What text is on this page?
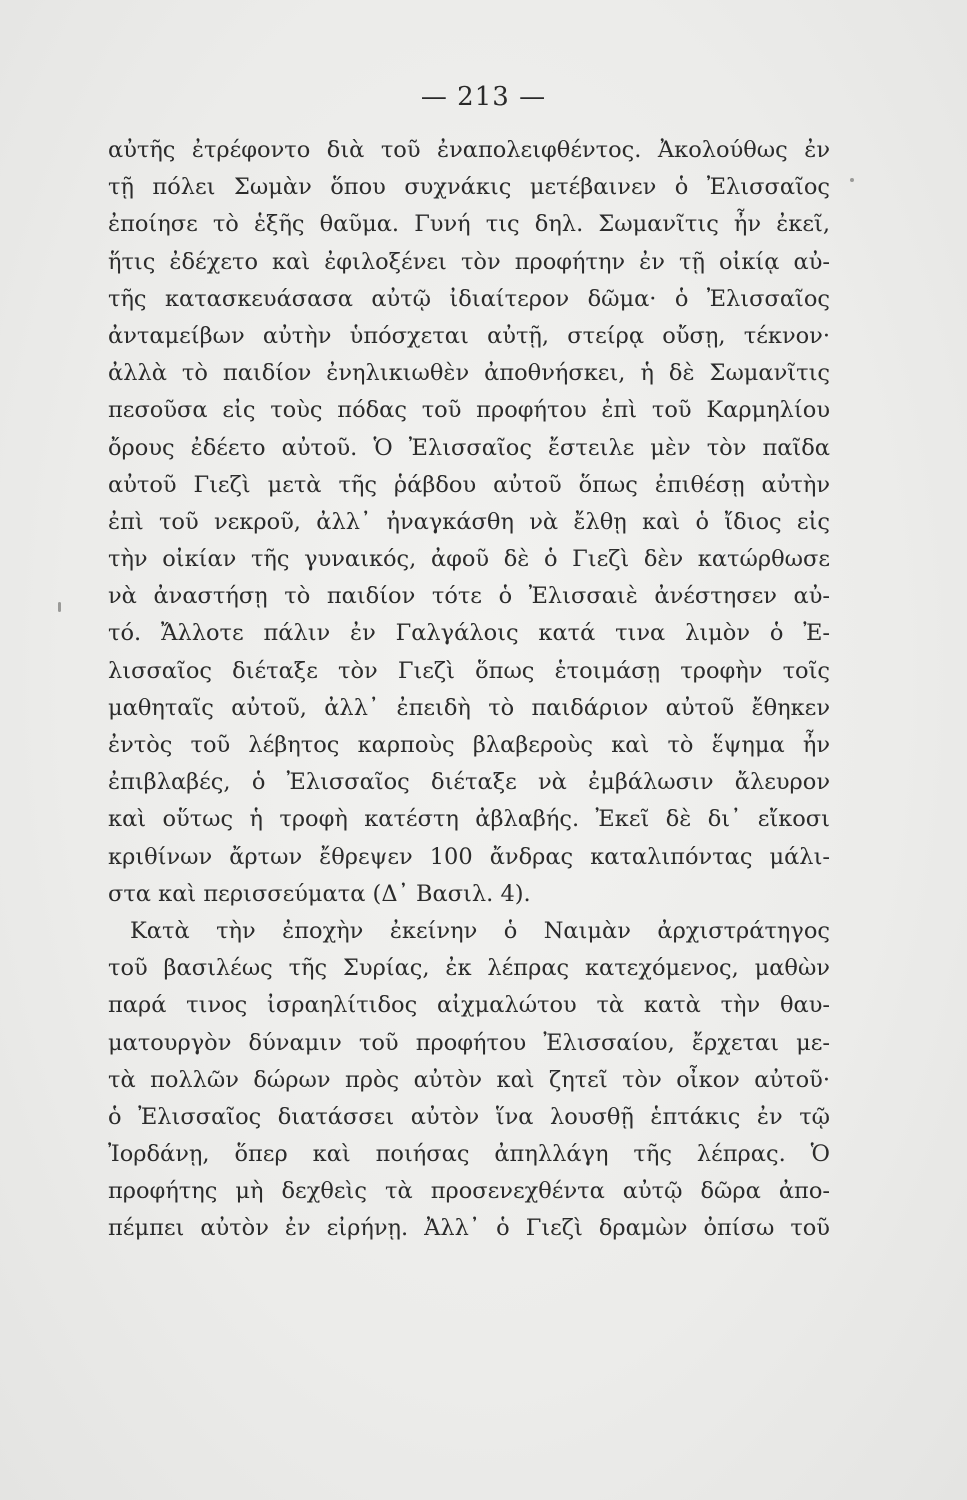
— 213 —
αὐτῆς ἐτρέφοντο διὰ τοῦ ἐναπολειφθέντος. Ἀκολούθως ἐν
τῇ πόλει Σωμὰν ὅπου συχνάκις μετέβαινεν ὁ Ἐλισσαῖος
ἐποίησε τὸ ἑξῆς θαῦμα. Γυνή τις δηλ. Σωμανῖτις ἦν ἐκεῖ,
ἥτις ἐδέχετο καὶ ἐφιλοξένει τὸν προφήτην ἐν τῇ οἰκίᾳ αὐ-
τῆς κατασκευάσασα αὐτῷ ἰδιαίτερον δῶμα· ὁ Ἐλισσαῖος
ἀνταμείβων αὐτὴν ὑπόσχεται αὐτῇ, στείρᾳ οὔσῃ, τέκνον·
ἀλλὰ τὸ παιδίον ἐνηλικιωθὲν ἀποθνήσκει, ἡ δὲ Σωμανῖτις
πεσοῦσα εἰς τοὺς πόδας τοῦ προφήτου ἐπὶ τοῦ Καρμηλίου
ὄρους ἐδέετο αὐτοῦ. Ὁ Ἐλισσαῖος ἔστειλε μὲν τὸν παῖδα
αὐτοῦ Γιεζὶ μετὰ τῆς ῥάβδου αὐτοῦ ὅπως ἐπιθέσῃ αὐτὴν
ἐπὶ τοῦ νεκροῦ, ἀλλ᾽ ἠναγκάσθη νὰ ἔλθῃ καὶ ὁ ἴδιος εἰς
τὴν οἰκίαν τῆς γυναικός, ἀφοῦ δὲ ὁ Γιεζὶ δὲν κατώρθωσε
νὰ ἀναστήσῃ τὸ παιδίον τότε ὁ Ἐλισσαιὲ ἀνέστησεν αὐ-
τό. Ἄλλοτε πάλιν ἐν Γαλγάλοις κατά τινα λιμὸν ὁ Ἐ-
λισσαῖος διέταξε τὸν Γιεζὶ ὅπως ἑτοιμάσῃ τροφὴν τοῖς
μαθηταῖς αὐτοῦ, ἀλλ᾽ ἐπειδὴ τὸ παιδάριον αὐτοῦ ἔθηκεν
ἐντὸς τοῦ λέβητος καρποὺς βλαβεροὺς καὶ τὸ ἕψημα ἦν
ἐπιβλαβές, ὁ Ἐλισσαῖος διέταξε νὰ ἐμβάλωσιν ἄλευρον
καὶ οὕτως ἡ τροφὴ κατέστη ἀβλαβής. Ἐκεῖ δὲ δι᾽ εἴκοσι
κριθίνων ἄρτων ἔθρεψεν 100 ἄνδρας καταλιπόντας μάλι-
στα καὶ περισσεύματα (Δ᾽ Βασιλ. 4).
Κατὰ τὴν ἐποχὴν ἐκείνην ὁ Ναιμὰν ἀρχιστράτηγος
τοῦ βασιλέως τῆς Συρίας, ἐκ λέπρας κατεχόμενος, μαθὼν
παρά τινος ἰσραηλίτιδος αἰχμαλώτου τὰ κατὰ τὴν θαυ-
ματουργὸν δύναμιν τοῦ προφήτου Ἐλισσαίου, ἔρχεται με-
τὰ πολλῶν δώρων πρὸς αὐτὸν καὶ ζητεῖ τὸν οἶκον αὐτοῦ·
ὁ Ἐλισσαῖος διατάσσει αὐτὸν ἵνα λουσθῇ ἑπτάκις ἐν τῷ
Ἰορδάνῃ, ὅπερ καὶ ποιήσας ἀπηλλάγη τῆς λέπρας. Ὁ
προφήτης μὴ δεχθεὶς τὰ προσενεχθέντα αὐτῷ δῶρα ἀπο-
πέμπει αὐτὸν ἐν εἰρήνῃ. Ἀλλ᾽ ὁ Γιεζὶ δραμὼν ὀπίσω τοῦ
